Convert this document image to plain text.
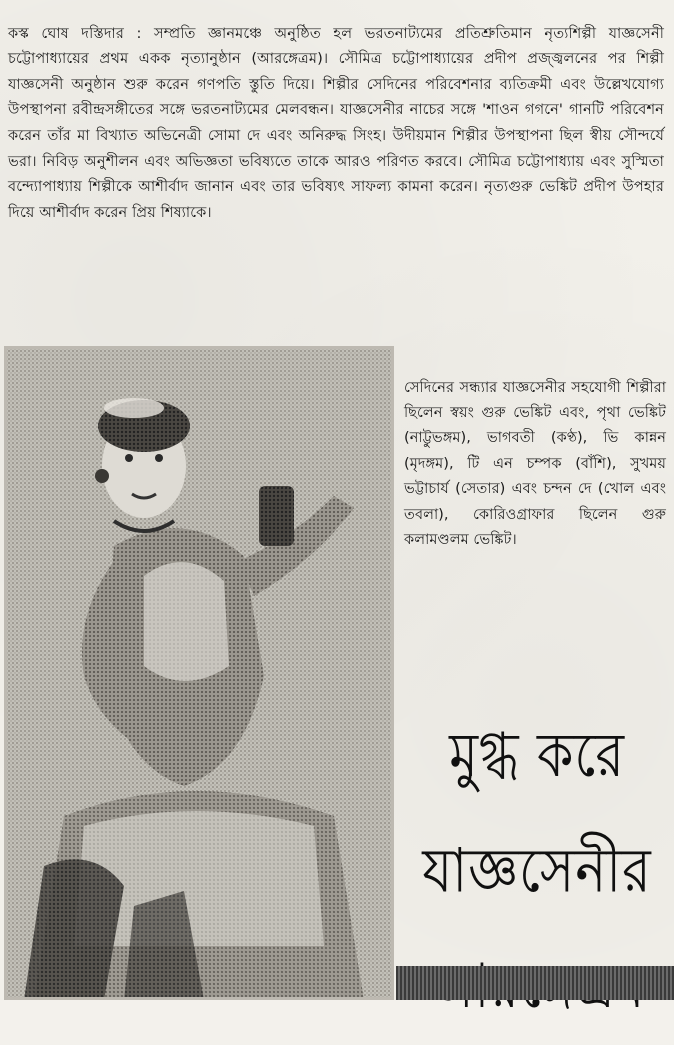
কস্ক ঘোষ দস্তিদার : সম্প্রতি জ্ঞানমঞ্চে অনুষ্ঠিত হল ভরতনাট্যমের প্রতিশ্রুতিমান নৃত্যশিল্পী যাজ্ঞসেনী চট্টোপাধ্যায়ের প্রথম একক নৃত্যানুষ্ঠান (আরঙ্গেত্রম)। সৌমিত্র চট্টোপাধ্যায়ের প্রদীপ প্রজ্জ্বলনের পর শিল্পী যাজ্ঞসেনী অনুষ্ঠান শুরু করেন গণপতি স্তুতি দিয়ে। শিল্পীর সেদিনের পরিবেশনার ব্যতিক্রমী এবং উল্লেখযোগ্য উপস্থাপনা রবীন্দ্রসঙ্গীতের সঙ্গে ভরতনাট্যমের মেলবন্ধন। যাজ্ঞসেনীর নাচের সঙ্গে 'শাওন গগনে' গানটি পরিবেশন করেন তাঁর মা বিখ্যাত অভিনেত্রী সোমা দে এবং অনিরুদ্ধ সিংহ। উদীয়মান শিল্পীর উপস্থাপনা ছিল স্বীয় সৌন্দর্যে ভরা। নিবিড় অনুশীলন এবং অভিজ্ঞতা ভবিষ্যতে তাকে আরও পরিণত করবে। সৌমিত্র চট্টোপাধ্যায় এবং সুস্মিতা বন্দ্যোপাধ্যায় শিল্পীকে আশীর্বাদ জানান এবং তার ভবিষ্যৎ সাফল্য কামনা করেন। নৃত্যগুরু ভেঙ্কিট প্রদীপ উপহার দিয়ে আশীর্বাদ করেন প্রিয় শিষ্যাকে।

সেদিনের সন্ধ্যার যাজ্ঞসেনীর সহযোগী শিল্পীরা ছিলেন স্বয়ং গুরু ভেঙ্কিট এবং, পৃথা ভেঙ্কিট (নাট্টুভঙ্গম), ভাগবতী (কণ্ঠ), ভি কান্নন (মৃদঙ্গম), টি এন চম্পক (বাঁশি), সুখময় ভট্টাচার্য (সেতার) এবং চন্দন দে (খোল এবং তবলা), কোরিওগ্রাফার ছিলেন গুরু কলামণ্ডলম ভেঙ্কিট।

মুগ্ধ করে
যাজ্ঞসেনীর
